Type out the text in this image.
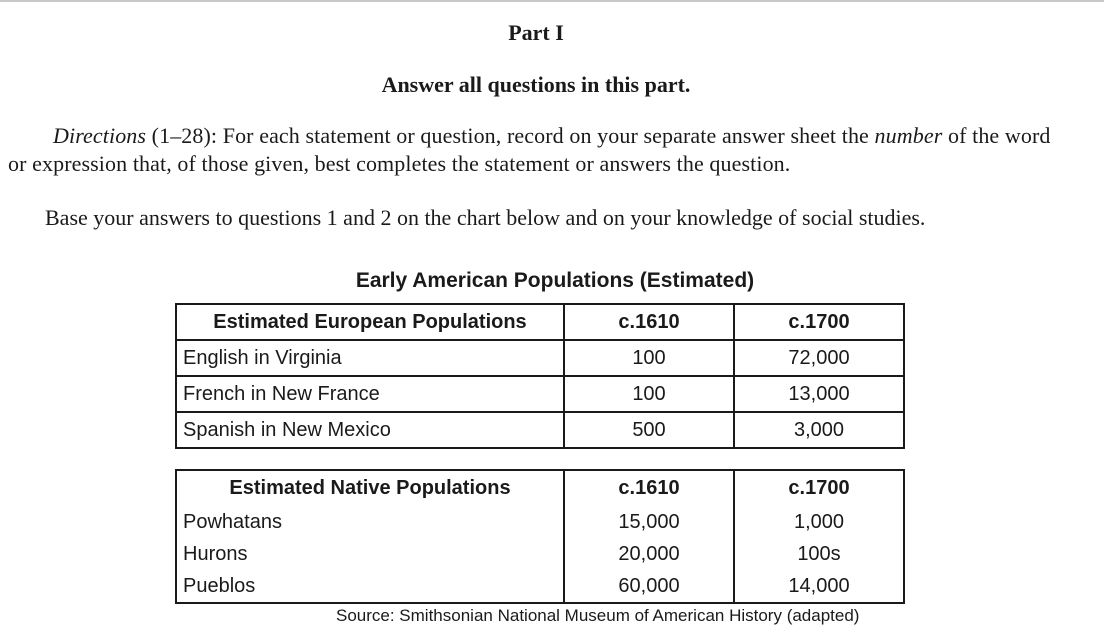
Part I
Answer all questions in this part.
Directions (1–28): For each statement or question, record on your separate answer sheet the number of the word or expression that, of those given, best completes the statement or answers the question.
Base your answers to questions 1 and 2 on the chart below and on your knowledge of social studies.
Early American Populations (Estimated)
Estimated European Populations	c.1610	c.1700
English in Virginia	100	72,000
French in New France	100	13,000
Spanish in New Mexico	500	3,000
Estimated Native Populations	c.1610	c.1700
Powhatans	15,000	1,000
Hurons	20,000	100s
Pueblos	60,000	14,000
Source: Smithsonian National Museum of American History (adapted)
